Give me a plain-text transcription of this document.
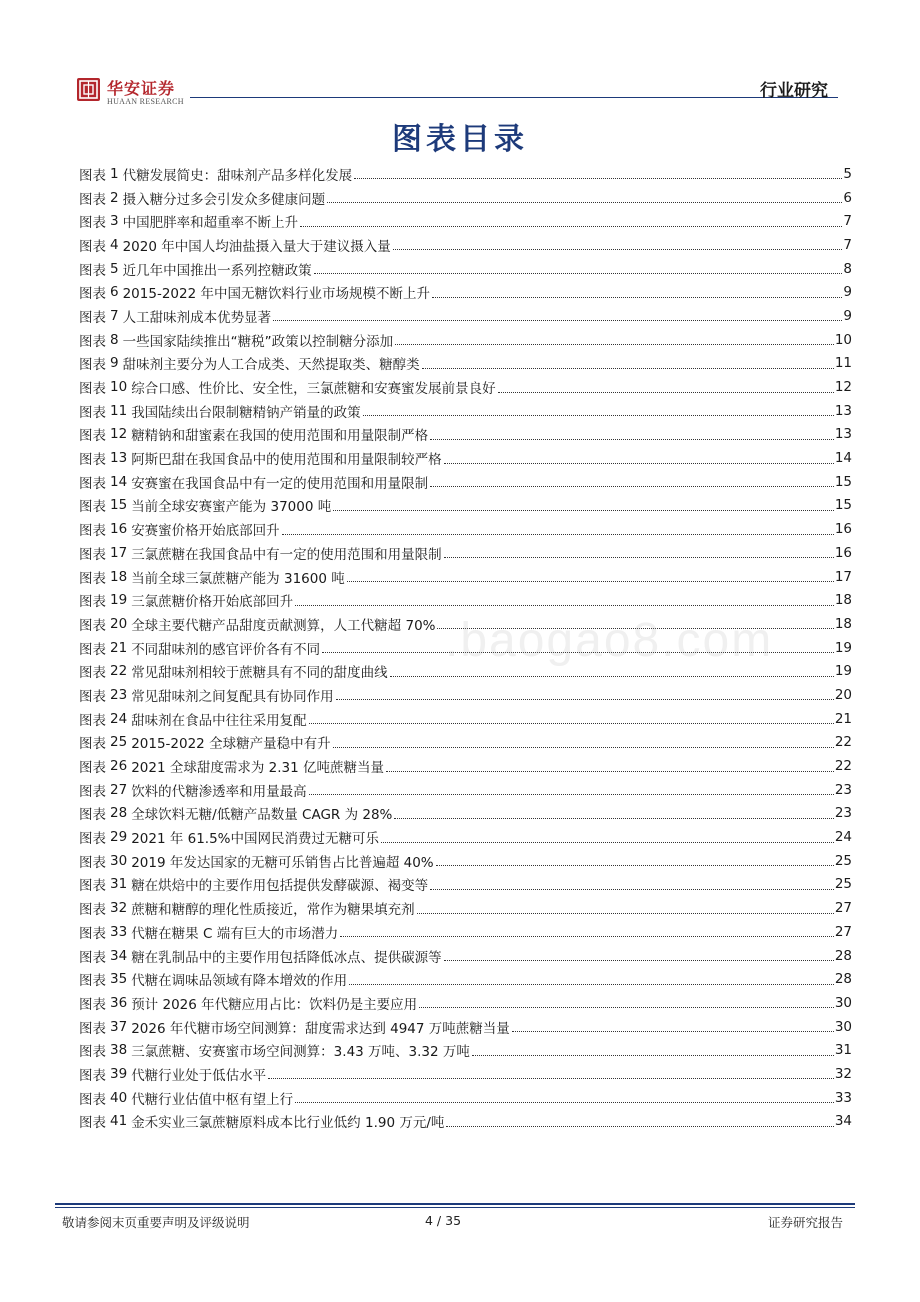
华安证券
HUAAN RESEARCH
行业研究
图表目录
图表 1 代糖发展简史：甜味剂产品多样化发展	5
图表 2 摄入糖分过多会引发众多健康问题	6
图表 3 中国肥胖率和超重率不断上升	7
图表 4 2020 年中国人均油盐摄入量大于建议摄入量	7
图表 5 近几年中国推出一系列控糖政策	8
图表 6 2015-2022 年中国无糖饮料行业市场规模不断上升	9
图表 7 人工甜味剂成本优势显著	9
图表 8 一些国家陆续推出“糖税”政策以控制糖分添加	10
图表 9 甜味剂主要分为人工合成类、天然提取类、糖醇类	11
图表 10 综合口感、性价比、安全性，三氯蔗糖和安赛蜜发展前景良好	12
图表 11 我国陆续出台限制糖精钠产销量的政策	13
图表 12 糖精钠和甜蜜素在我国的使用范围和用量限制严格	13
图表 13 阿斯巴甜在我国食品中的使用范围和用量限制较严格	14
图表 14 安赛蜜在我国食品中有一定的使用范围和用量限制	15
图表 15 当前全球安赛蜜产能为 37000 吨	15
图表 16 安赛蜜价格开始底部回升	16
图表 17 三氯蔗糖在我国食品中有一定的使用范围和用量限制	16
图表 18 当前全球三氯蔗糖产能为 31600 吨	17
图表 19 三氯蔗糖价格开始底部回升	18
图表 20 全球主要代糖产品甜度贡献测算，人工代糖超 70%	18
图表 21 不同甜味剂的感官评价各有不同	19
图表 22 常见甜味剂相较于蔗糖具有不同的甜度曲线	19
图表 23 常见甜味剂之间复配具有协同作用	20
图表 24 甜味剂在食品中往往采用复配	21
图表 25 2015-2022 全球糖产量稳中有升	22
图表 26 2021 全球甜度需求为 2.31 亿吨蔗糖当量	22
图表 27 饮料的代糖渗透率和用量最高	23
图表 28 全球饮料无糖/低糖产品数量 CAGR 为 28%	23
图表 29 2021 年 61.5%中国网民消费过无糖可乐	24
图表 30 2019 年发达国家的无糖可乐销售占比普遍超 40%	25
图表 31 糖在烘焙中的主要作用包括提供发酵碳源、褐变等	25
图表 32 蔗糖和糖醇的理化性质接近，常作为糖果填充剂	27
图表 33 代糖在糖果 C 端有巨大的市场潜力	27
图表 34 糖在乳制品中的主要作用包括降低冰点、提供碳源等	28
图表 35 代糖在调味品领域有降本增效的作用	28
图表 36 预计 2026 年代糖应用占比：饮料仍是主要应用	30
图表 37 2026 年代糖市场空间测算：甜度需求达到 4947 万吨蔗糖当量	30
图表 38 三氯蔗糖、安赛蜜市场空间测算：3.43 万吨、3.32 万吨	31
图表 39 代糖行业处于低估水平	32
图表 40 代糖行业估值中枢有望上行	33
图表 41 金禾实业三氯蔗糖原料成本比行业低约 1.90 万元/吨	34
.baogao8.com
敬请参阅末页重要声明及评级说明	4 / 35	证券研究报告
